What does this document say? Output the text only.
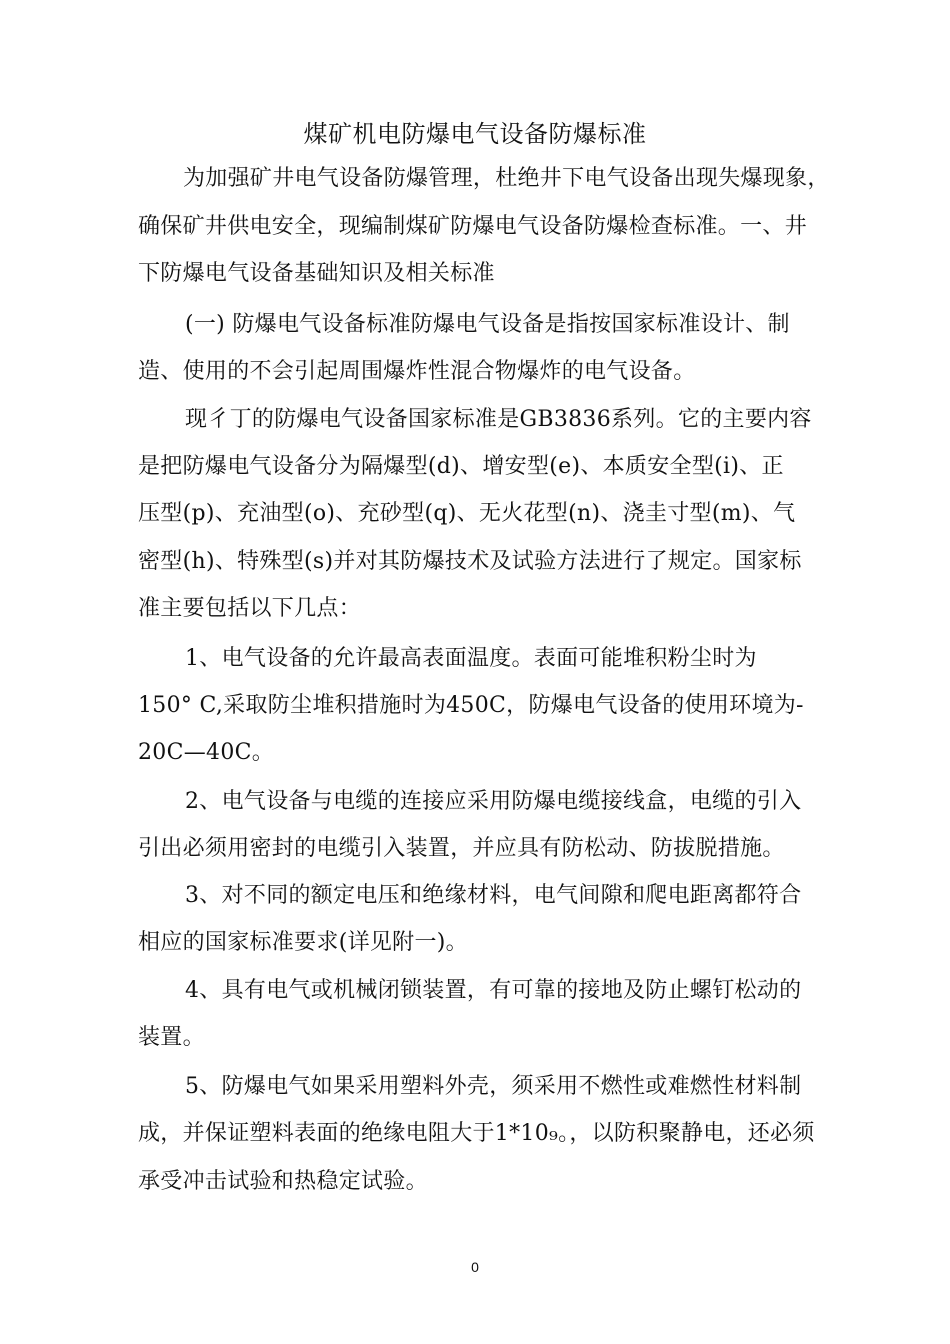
煤矿机电防爆电气设备防爆标准
为加强矿井电气设备防爆管理，杜绝井下电气设备出现失爆现象，
确保矿井供电安全，现编制煤矿防爆电气设备防爆检查标准。一、井
下防爆电气设备基础知识及相关标准
(一) 防爆电气设备标准防爆电气设备是指按国家标准设计、制
造、使用的不会引起周围爆炸性混合物爆炸的电气设备。
现彳丁的防爆电气设备国家标准是GB3836系列。它的主要内容
是把防爆电气设备分为隔爆型(d)、增安型(e)、本质安全型(i)、正
压型(p)、充油型(o)、充砂型(q)、无火花型(n)、浇圭寸型(m)、气
密型(h)、特殊型(s)并对其防爆技术及试验方法进行了规定。国家标
准主要包括以下几点：
1、电气设备的允许最高表面温度。表面可能堆积粉尘时为
150° C,采取防尘堆积措施时为450C，防爆电气设备的使用环境为-
20C—40C。
2、电气设备与电缆的连接应采用防爆电缆接线盒，电缆的引入
引出必须用密封的电缆引入装置，并应具有防松动、防拔脱措施。
3、对不同的额定电压和绝缘材料，电气间隙和爬电距离都符合
相应的国家标准要求(详见附一)。
4、具有电气或机械闭锁装置，有可靠的接地及防止螺钉松动的
装置。
5、防爆电气如果采用塑料外壳，须采用不燃性或难燃性材料制
成，并保证塑料表面的绝缘电阻大于1*10₉。，以防积聚静电，还必须
承受冲击试验和热稳定试验。
0
